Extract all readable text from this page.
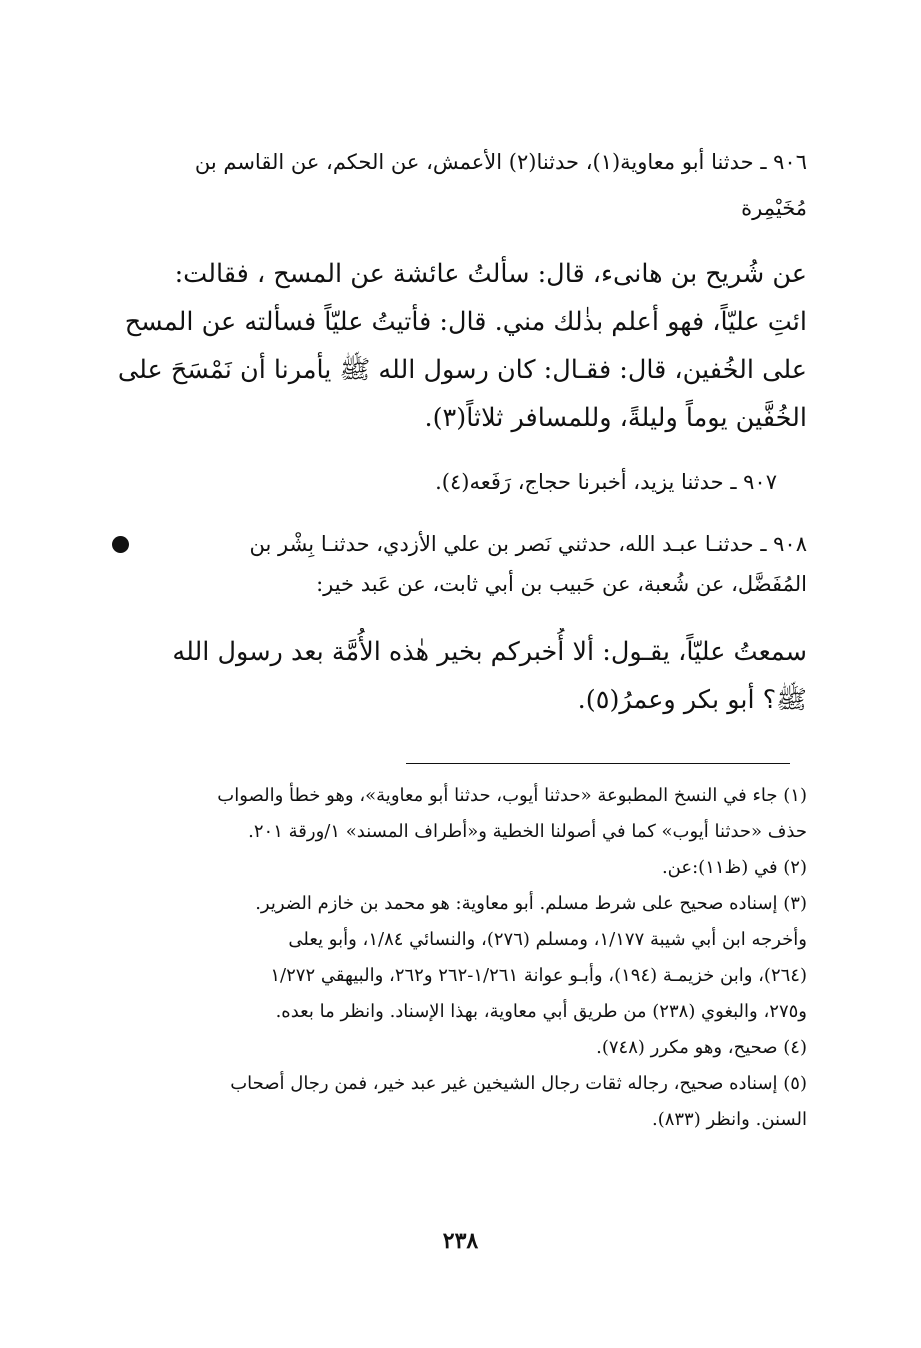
٩٠٦ ـ حدثنا أبو معاوية(١)، حدثنا(٢) الأعمش، عن الحكم، عن القاسم بن
مُخَيْمِرة
عن شُريح بن هانىء، قال: سألتُ عائشة عن المسح ، فقالت:
ائتِ عليّاً، فهو أعلم بذٰلك مني. قال: فأتيتُ عليّاً فسألته عن المسح
على الخُفين، قال: فقـال: كان رسول الله ﷺ يأمرنا أن نَمْسَحَ على
الخُفَّين يوماً وليلةً، وللمسافر ثلاثاً(٣).
٩٠٧ ـ حدثنا يزيد، أخبرنا حجاج، رَفَعه(٤).
٩٠٨ ـ حدثنـا عبـد الله، حدثني نَصر بن علي الأزدي، حدثنـا بِشْر بن
المُفَضَّل، عن شُعبة، عن حَبيب بن أبي ثابت، عن عَبد خير:
سمعتُ عليّاً، يقـول: ألا أُخبركم بخير هٰذه الأُمَّة بعد رسول الله
ﷺ؟ أبو بكر وعمرُ(٥).
(١) جاء في النسخ المطبوعة «حدثنا أيوب، حدثنا أبو معاوية»، وهو خطأ والصواب
حذف «حدثنا أيوب» كما في أصولنا الخطية و«أطراف المسند» ١/ورقة ٢٠١.
(٢) في (ظ١١):عن.
(٣) إسناده صحيح على شرط مسلم. أبو معاوية: هو محمد بن خازم الضرير.
وأخرجه ابن أبي شيبة ١/١٧٧، ومسلم (٢٧٦)، والنسائي ١/٨٤، وأبو يعلى
(٢٦٤)، وابن خزيمـة (١٩٤)، وأبـو عوانة ١/٢٦١-٢٦٢ و٢٦٢، والبيهقي ١/٢٧٢
و٢٧٥، والبغوي (٢٣٨) من طريق أبي معاوية، بهذا الإسناد. وانظر ما بعده.
(٤) صحيح، وهو مكرر (٧٤٨).
(٥) إسناده صحيح، رجاله ثقات رجال الشيخين غير عبد خير، فمن رجال أصحاب
السنن. وانظر (٨٣٣).
٢٣٨
